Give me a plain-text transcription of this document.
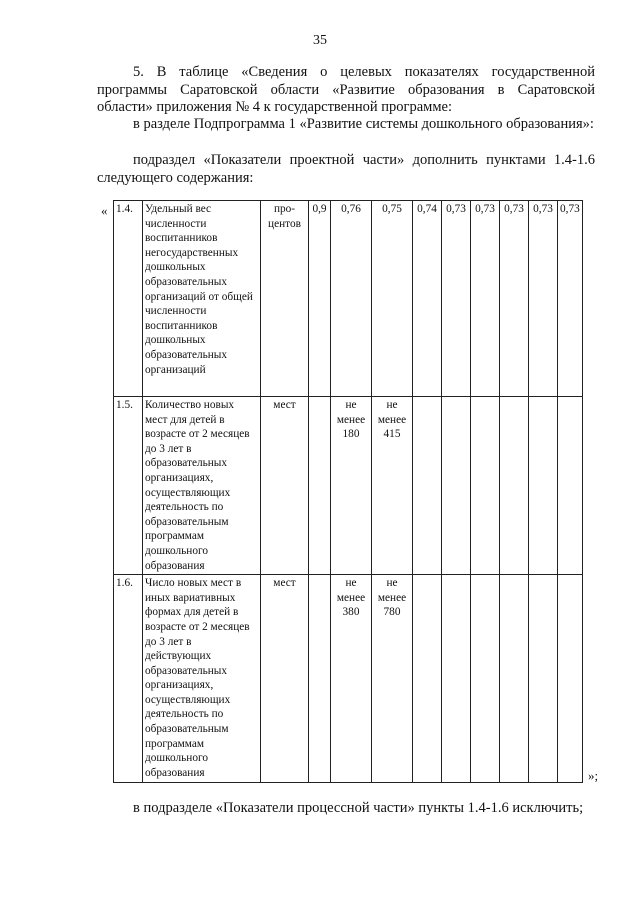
35
5. В таблице «Сведения о целевых показателях государственной программы Саратовской области «Развитие образования в Саратовской области» приложения № 4 к государственной программе:
в разделе Подпрограмма 1 «Развитие системы дошкольного образования»:
подраздел «Показатели проектной части» дополнить пунктами 1.4-1.6 следующего содержания:
« 1.4.	Удельный вес численности воспитанников негосударственных дошкольных образовательных организаций от общей численности воспитанников дошкольных образовательных организаций	про-центов	0,9	0,76	0,75	0,74	0,73	0,73	0,73	0,73	0,73
1.5.	Количество новых мест для детей в возрасте от 2 месяцев до 3 лет в образовательных организациях, осуществляющих деятельность по образовательным программам дошкольного образования	мест		не менее 180	не менее 415						
1.6.	Число новых мест в иных вариативных формах для детей в возрасте от 2 месяцев до 3 лет в действующих образовательных организациях, осуществляющих деятельность по образовательным программам дошкольного образования	мест		не менее 380	не менее 780						
»;
в подразделе «Показатели процессной части» пункты 1.4-1.6 исключить;
